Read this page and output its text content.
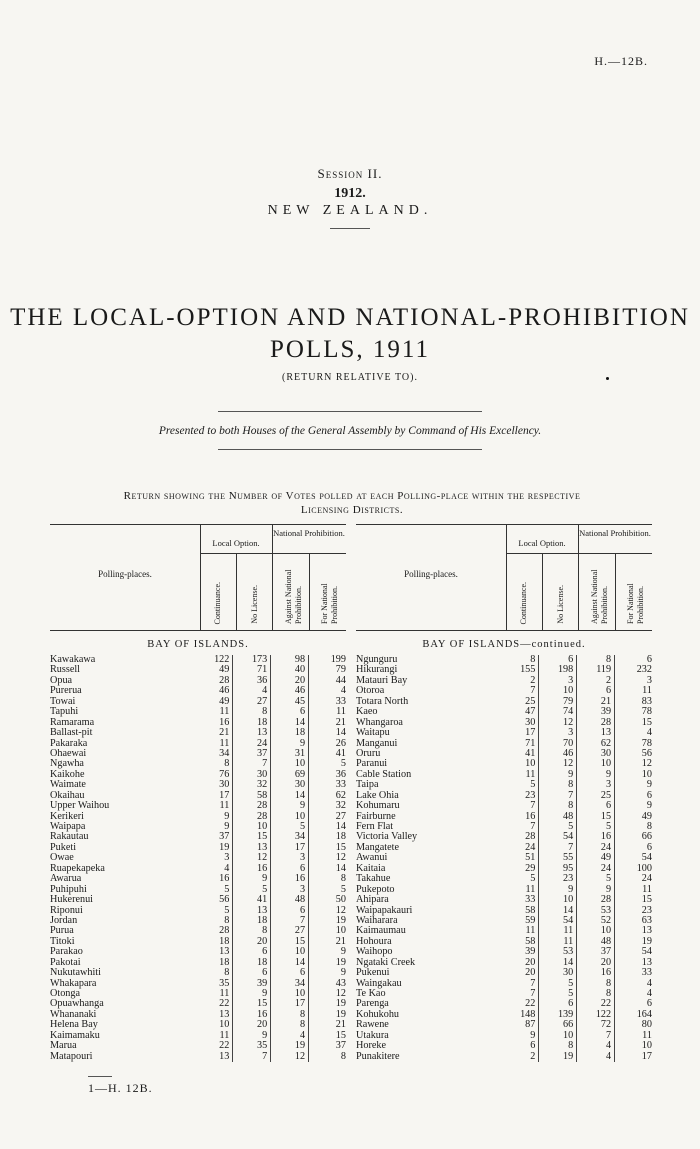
H.—12B.
Session II.
1912.
NEW ZEALAND.
THE LOCAL-OPTION AND NATIONAL-PROHIBITION
POLLS, 1911
(RETURN RELATIVE TO).
Presented to both Houses of the General Assembly by Command of His Excellency.
Return showing the Number of Votes polled at each Polling-place within the respective
Licensing Districts.
Polling-places.
Local Option.
National Prohibition.
Continuance.	No License.	Against National Prohibition. For National Prohibition.
BAY OF ISLANDS.
Kawakawa	122	173	98	199
Russell	49	71	40	79
Opua	28	36	20	44
Purerua	46	4	46	4
Towai	49	27	45	33
Tapuhi	11	8	6	11
Ramarama	16	18	14	21
Ballast-pit	21	13	18	14
Pakaraka	11	24	9	26
Ohaewai	34	37	31	41
Ngawha	8	7	10	5
Kaikohe	76	30	69	36
Waimate	30	32	30	33
Okaihau	17	58	14	62
Upper Waihou	11	28	9	32
Kerikeri	9	28	10	27
Waipapa	9	10	5	14
Rakautau	37	15	34	18
Puketi	19	13	17	15
Owae	3	12	3	12
Ruapekapeka	4	16	6	14
Awarua	16	9	16	8
Puhipuhi	5	5	3	5
Hukerenui	56	41	48	50
Riponui	5	13	6	12
Jordan	8	18	7	19
Purua	28	8	27	10
Titoki	18	20	15	21
Parakao	13	6	10	9
Pakotai	18	18	14	19
Nukutawhiti	8	6	6	9
Whakapara	35	39	34	43
Otonga	11	9	10	12
Opuawhanga	22	15	17	19
Whananaki	13	16	8	19
Helena Bay	10	20	8	21
Kaimamaku	11	9	4	15
Marua	22	35	19	37
Matapouri	13	7	12	8
Polling-places.
Local Option.
National Prohibition.
Continuance.	No License.	Against National Prohibition. For National Prohibition.
BAY OF ISLANDS—continued.
Ngunguru	8	6	8	6
Hikurangi	155	198	119	232
Matauri Bay	2	3	2	3
Otoroa	7	10	6	11
Totara North	25	79	21	83
Kaeo	47	74	39	78
Whangaroa	30	12	28	15
Waitapu	17	3	13	4
Manganui	71	70	62	78
Oruru	41	46	30	56
Paranui	10	12	10	12
Cable Station	11	9	9	10
Taipa	5	8	3	9
Lake Ohia	23	7	25	6
Kohumaru	7	8	6	9
Fairburne	16	48	15	49
Fern Flat	7	5	5	8
Victoria Valley	28	54	16	66
Mangatete	24	7	24	6
Awanui	51	55	49	54
Kaitaia	29	95	24	100
Takahue	5	23	5	24
Pukepoto	11	9	9	11
Ahipara	33	10	28	15
Waipapakauri	58	14	53	23
Waiharara	59	54	52	63
Kaimaumau	11	11	10	13
Hohoura	58	11	48	19
Waihopo	39	53	37	54
Ngataki Creek	20	14	20	13
Pukenui	20	30	16	33
Waingakau	7	5	8	4
Te Kao	7	5	8	4
Parenga	22	6	22	6
Kohukohu	148	139	122	164
Rawene	87	66	72	80
Utakura	9	10	7	11
Horeke	6	8	4	10
Punakitere	2	19	4	17
1—H. 12B.
